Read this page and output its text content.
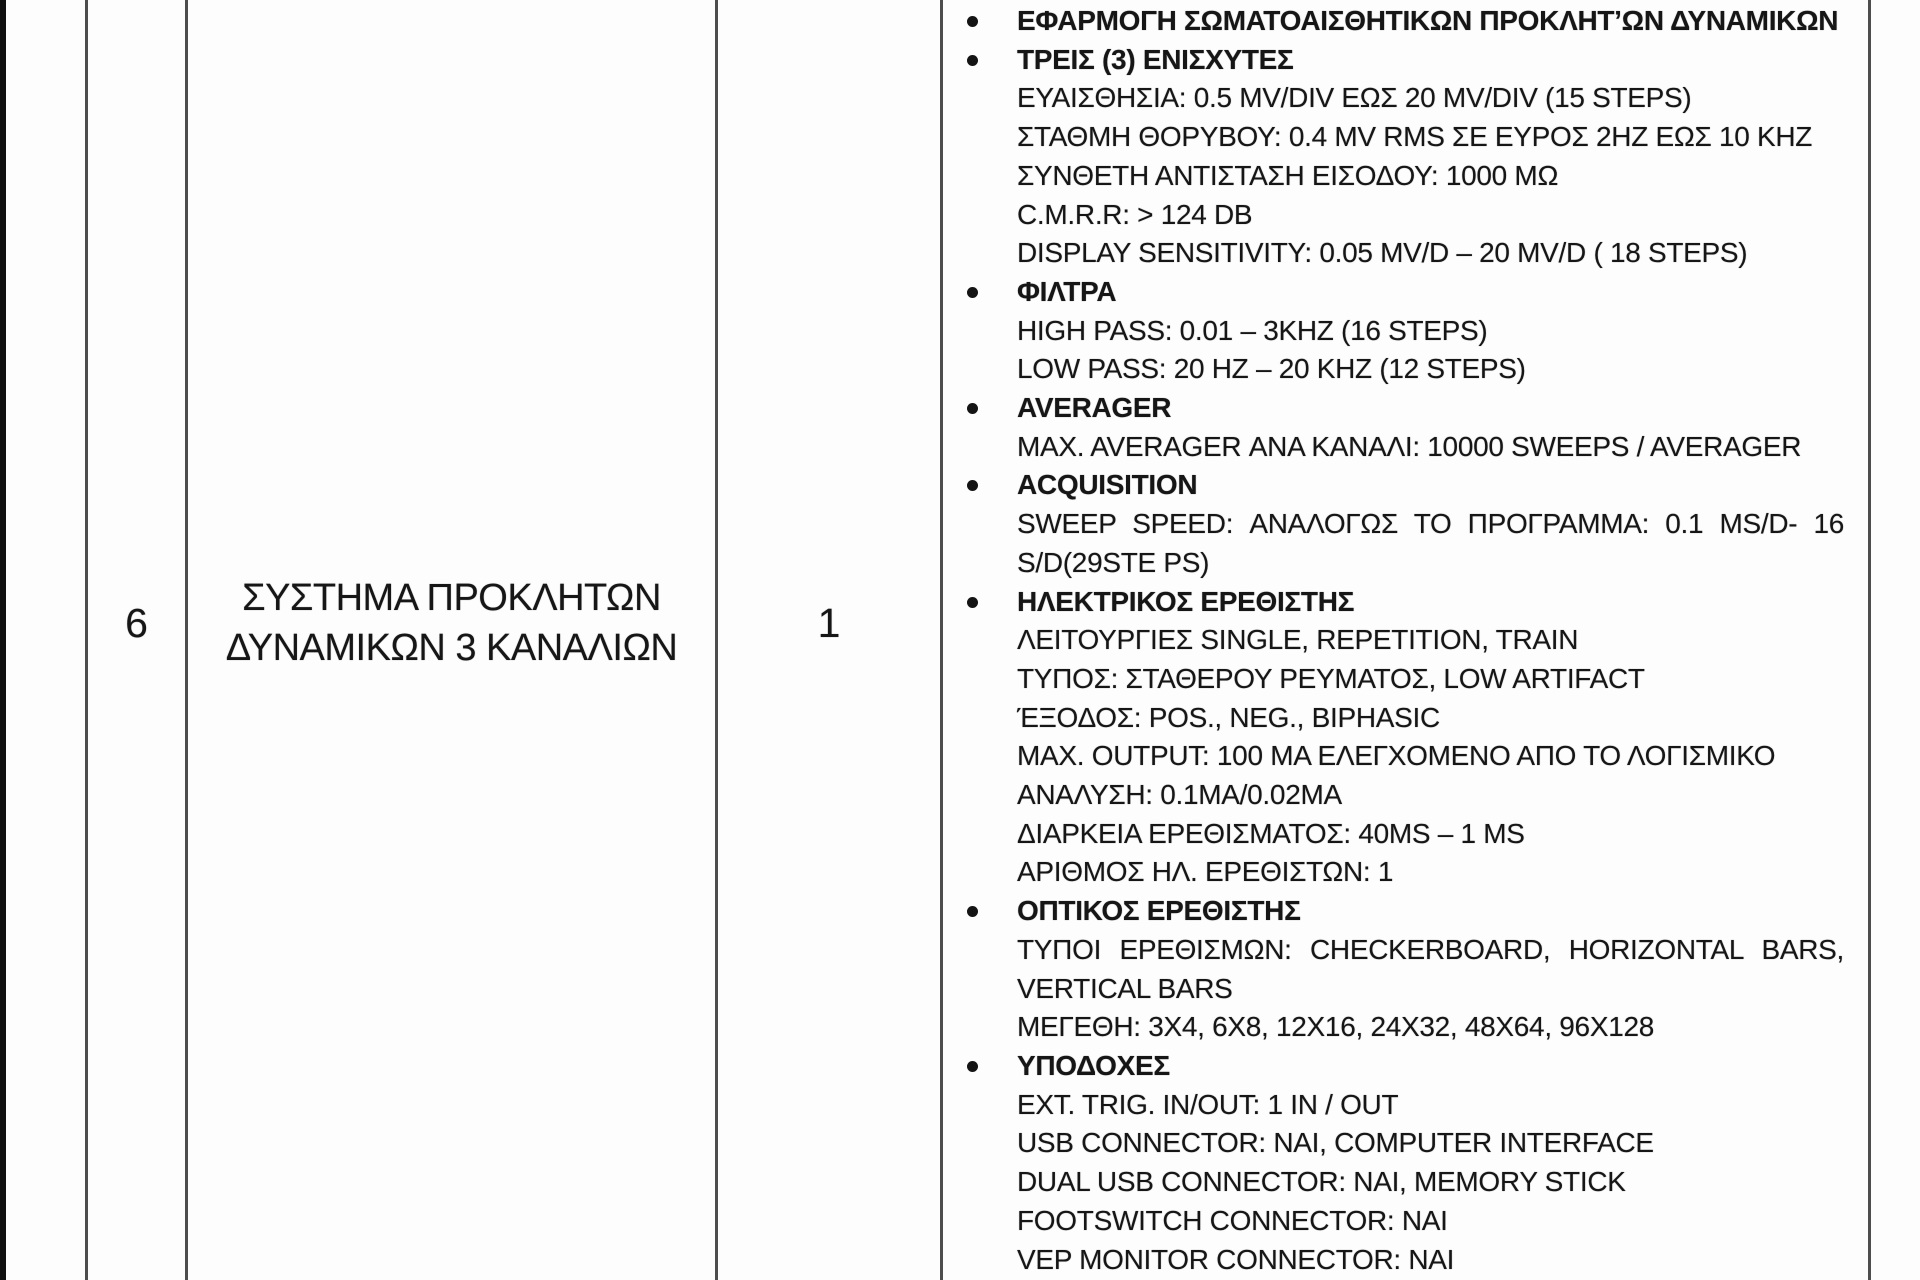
6
ΣΥΣΤΗΜΑ ΠΡΟΚΛΗΤΩΝ
ΔΥΝΑΜΙΚΩΝ 3 ΚΑΝΑΛΙΩΝ
1
ΕΦΑΡΜΟΓΗ ΣΩΜΑΤΟΑΙΣΘΗΤΙΚΩΝ ΠΡΟΚΛΗΤ’ΩΝ ΔΥΝΑΜΙΚΩΝ
ΤΡΕΙΣ (3) ΕΝΙΣΧΥΤΕΣ
ΕΥΑΙΣΘΗΣΙΑ: 0.5 MV/DIV ΕΩΣ 20 MV/DIV (15 STEPS)
ΣΤΑΘΜΗ ΘΟΡΥΒΟΥ: 0.4 MV RMS ΣΕ ΕΥΡΟΣ 2HZ ΕΩΣ 10 KHZ
ΣΥΝΘΕΤΗ ΑΝΤΙΣΤΑΣΗ ΕΙΣΟΔΟΥ: 1000 ΜΩ
C.M.R.R: > 124 DB
DISPLAY SENSITIVITY: 0.05 MV/D – 20 MV/D ( 18 STEPS)
ΦΙΛΤΡΑ
HIGH PASS: 0.01 – 3KHZ (16 STEPS)
LOW PASS: 20 HZ – 20 KHZ (12 STEPS)
AVERAGER
MAX. AVERAGER ΑΝΑ ΚΑΝΑΛΙ: 10000 SWEEPS / AVERAGER
ACQUISITION
SWEEP SPEED: ΑΝΑΛΟΓΩΣ ΤΟ ΠΡΟΓΡΑΜΜΑ: 0.1 MS/D- 16
S/D(29STE PS)
ΗΛΕΚΤΡΙΚΟΣ ΕΡΕΘΙΣΤΗΣ
ΛΕΙΤΟΥΡΓΙΕΣ SINGLE, REPETITION, TRAIN
ΤΥΠΟΣ: ΣΤΑΘΕΡΟΥ ΡΕΥΜΑΤΟΣ, LOW ARTIFACT
ΈΞΟΔΟΣ: POS., NEG., BIPHASIC
MAX. OUTPUT: 100 MA ΕΛΕΓΧΟΜΕΝΟ ΑΠΟ ΤΟ ΛΟΓΙΣΜΙΚΟ
ΑΝΑΛΥΣΗ: 0.1MA/0.02MA
ΔΙΑΡΚΕΙΑ ΕΡΕΘΙΣΜΑΤΟΣ: 40MS – 1 MS
ΑΡΙΘΜΟΣ ΗΛ. ΕΡΕΘΙΣΤΩΝ: 1
ΟΠΤΙΚΟΣ ΕΡΕΘΙΣΤΗΣ
ΤΥΠΟΙ ΕΡΕΘΙΣΜΩΝ: CHECKERBOARD, HORIZONTAL BARS,
VERTICAL BARS
ΜΕΓΕΘΗ: 3X4, 6X8, 12X16, 24X32, 48X64, 96X128
ΥΠΟΔΟΧΕΣ
EXT. TRIG. IN/OUT: 1 IN / OUT
USB CONNECTOR: ΝΑΙ, COMPUTER INTERFACE
DUAL USB CONNECTOR: ΝΑΙ, MEMORY STICK
FOOTSWITCH CONNECTOR: ΝΑΙ
VEP MONITOR CONNECTOR: ΝΑΙ
